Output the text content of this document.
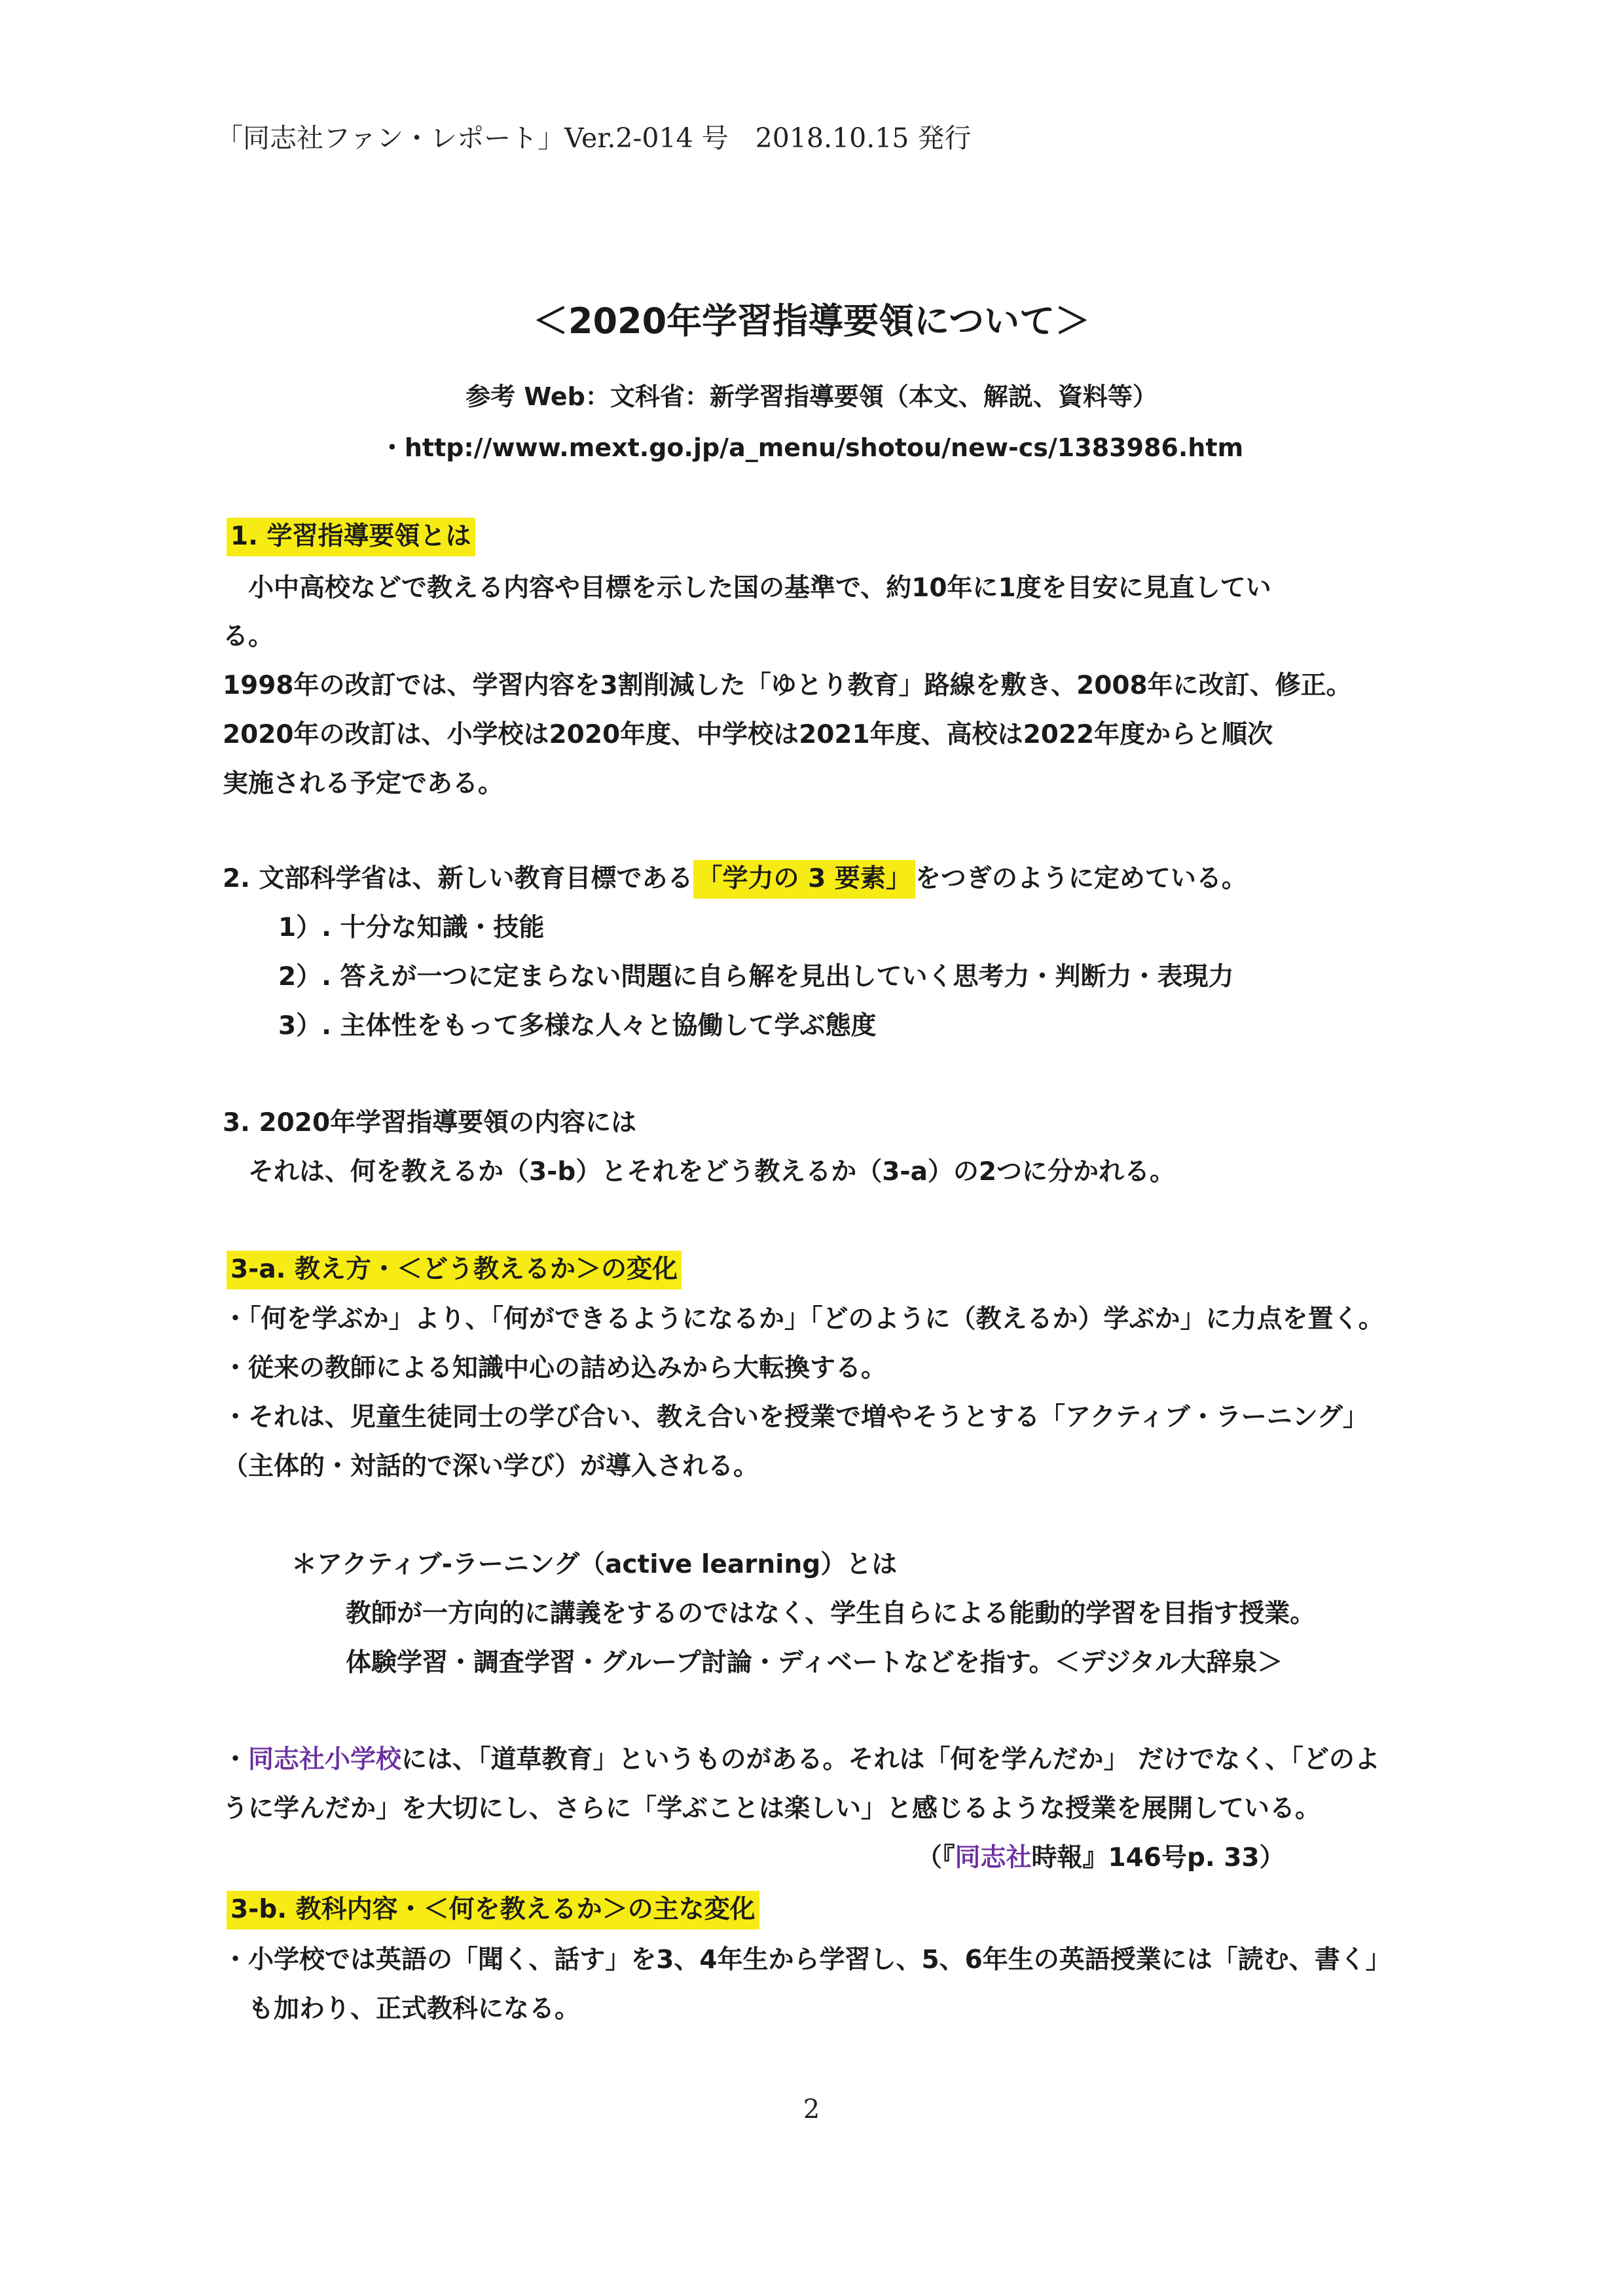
「同志社ファン・レポート」Ver.2-014 号　2018.10.15 発行
＜2020年学習指導要領について＞
参考 Web：文科省：新学習指導要領（本文、解説、資料等）
・http://www.mext.go.jp/a_menu/shotou/new-cs/1383986.htm
1. 学習指導要領とは
　小中高校などで教える内容や目標を示した国の基準で、約10年に1度を目安に見直してい
る。
1998年の改訂では、学習内容を3割削減した「ゆとり教育」路線を敷き、2008年に改訂、修正。
2020年の改訂は、小学校は2020年度、中学校は2021年度、高校は2022年度からと順次
実施される予定である。
2. 文部科学省は、新しい教育目標である 「学力の 3 要素」 をつぎのように定めている。
1）. 十分な知識・技能
2）. 答えが一つに定まらない問題に自ら解を見出していく思考力・判断力・表現力
3）. 主体性をもって多様な人々と協働して学ぶ態度
3. 2020年学習指導要領の内容には
　それは、何を教えるか（3-b）とそれをどう教えるか（3-a）の2つに分かれる。
3-a. 教え方・＜どう教えるか＞の変化
・「何を学ぶか」より、「何ができるようになるか」「どのように（教えるか）学ぶか」に力点を置く。
・従来の教師による知識中心の詰め込みから大転換する。
・それは、児童生徒同士の学び合い、教え合いを授業で増やそうとする「アクティブ・ラーニング」
（主体的・対話的で深い学び）が導入される。
＊アクティブ-ラーニング（active learning）とは
教師が一方向的に講義をするのではなく、学生自らによる能動的学習を目指す授業。
体験学習・調査学習・グループ討論・ディベートなどを指す。＜デジタル大辞泉＞
・同志社小学校には、「道草教育」というものがある。それは「何を学んだか」 だけでなく、「どのよ
うに学んだか」を大切にし、さらに「学ぶことは楽しい」と感じるような授業を展開している。
（『同志社時報』146号p. 33）
3-b. 教科内容・＜何を教えるか＞の主な変化
・小学校では英語の「聞く、話す」を3、4年生から学習し、5、6年生の英語授業には「読む、書く」
　も加わり、正式教科になる。
2
